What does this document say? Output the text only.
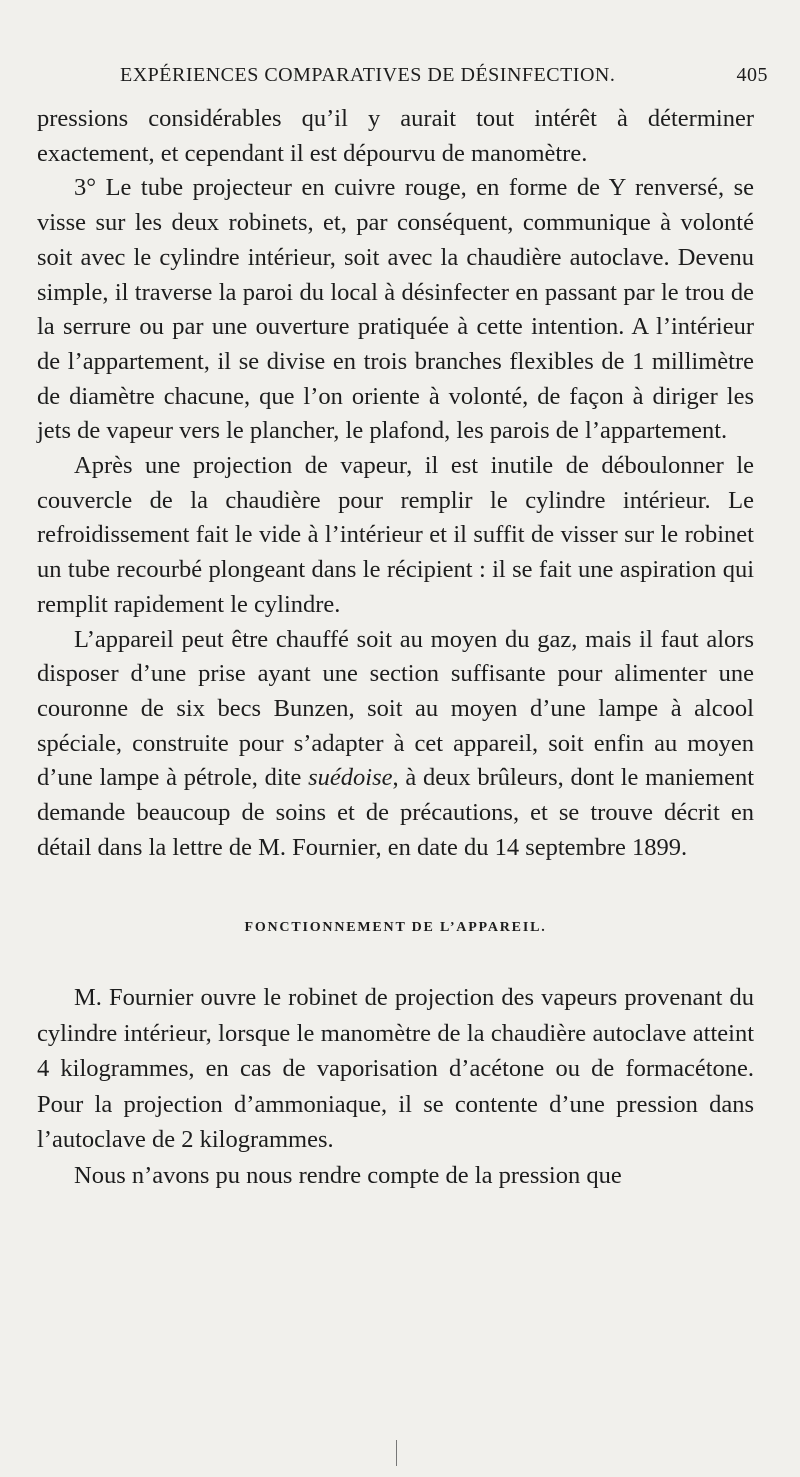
EXPÉRIENCES COMPARATIVES DE DÉSINFECTION.	405

pressions considérables qu’il y aurait tout intérêt à déterminer exactement, et cependant il est dépourvu de manomètre.

3° Le tube projecteur en cuivre rouge, en forme de Y renversé, se visse sur les deux robinets, et, par conséquent, communique à volonté soit avec le cylindre intérieur, soit avec la chaudière autoclave. Devenu simple, il traverse la paroi du local à désinfecter en passant par le trou de la serrure ou par une ouverture pratiquée à cette intention. A l’intérieur de l’appartement, il se divise en trois branches flexibles de 1 millimètre de diamètre chacune, que l’on oriente à volonté, de façon à diriger les jets de vapeur vers le plancher, le plafond, les parois de l’appartement.

Après une projection de vapeur, il est inutile de déboulonner le couvercle de la chaudière pour remplir le cylindre intérieur. Le refroidissement fait le vide à l’intérieur et il suffit de visser sur le robinet un tube recourbé plongeant dans le récipient : il se fait une aspiration qui remplit rapidement le cylindre.

L’appareil peut être chauffé soit au moyen du gaz, mais il faut alors disposer d’une prise ayant une section suffisante pour alimenter une couronne de six becs Bunzen, soit au moyen d’une lampe à alcool spéciale, construite pour s’adapter à cet appareil, soit enfin au moyen d’une lampe à pétrole, dite suédoise, à deux brûleurs, dont le maniement demande beaucoup de soins et de précautions, et se trouve décrit en détail dans la lettre de M. Fournier, en date du 14 septembre 1899.

FONCTIONNEMENT DE L’APPAREIL.

M. Fournier ouvre le robinet de projection des vapeurs provenant du cylindre intérieur, lorsque le manomètre de la chaudière autoclave atteint 4 kilogrammes, en cas de vaporisation d’acétone ou de formacétone. Pour la projection d’ammoniaque, il se contente d’une pression dans l’autoclave de 2 kilogrammes.

Nous n’avons pu nous rendre compte de la pression que
